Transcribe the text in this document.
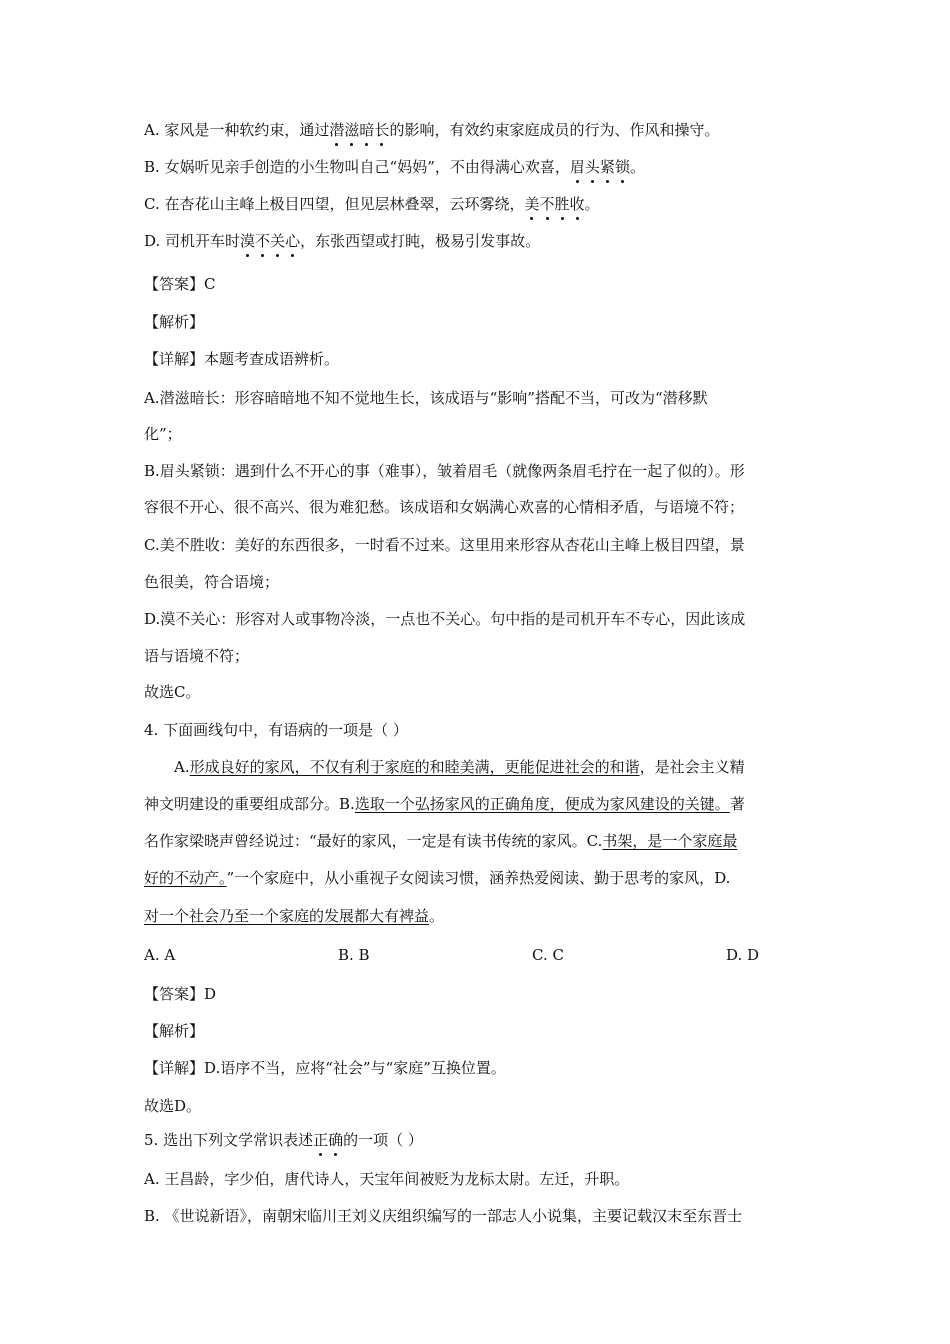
A. 家风是一种软约束，通过潜滋暗长的影响，有效约束家庭成员的行为、作风和操守。
B. 女娲听见亲手创造的小生物叫自己“妈妈”，不由得满心欢喜，眉头紧锁。
C. 在杏花山主峰上极目四望，但见层林叠翠，云环雾绕，美不胜收。
D. 司机开车时漠不关心，东张西望或打盹，极易引发事故。
【答案】C
【解析】
【详解】本题考查成语辨析。
A.潜滋暗长：形容暗暗地不知不觉地生长，该成语与“影响”搭配不当，可改为“潜移默
化”；
B.眉头紧锁：遇到什么不开心的事（难事），皱着眉毛（就像两条眉毛拧在一起了似的）。形
容很不开心、很不高兴、很为难犯愁。该成语和女娲满心欢喜的心情相矛盾，与语境不符；
C.美不胜收：美好的东西很多，一时看不过来。这里用来形容从杏花山主峰上极目四望，景
色很美，符合语境；
D.漠不关心：形容对人或事物冷淡，一点也不关心。句中指的是司机开车不专心，因此该成
语与语境不符；
故选C。
4. 下面画线句中，有语病的一项是（ ）
A.形成良好的家风，不仅有利于家庭的和睦美满，更能促进社会的和谐，是社会主义精
神文明建设的重要组成部分。B.选取一个弘扬家风的正确角度，便成为家风建设的关键。著
名作家梁晓声曾经说过：“最好的家风，一定是有读书传统的家风。C.书架，是一个家庭最
好的不动产。”一个家庭中，从小重视子女阅读习惯，涵养热爱阅读、勤于思考的家风，D.
对一个社会乃至一个家庭的发展都大有裨益。
A. A	B. B	C. C	D. D
【答案】D
【解析】
【详解】D.语序不当，应将“社会”与“家庭”互换位置。
故选D。
5. 选出下列文学常识表述正确的一项（ ）
A. 王昌龄，字少伯，唐代诗人，天宝年间被贬为龙标太尉。左迁，升职。
B. 《世说新语》，南朝宋临川王刘义庆组织编写的一部志人小说集，主要记载汉末至东晋士
